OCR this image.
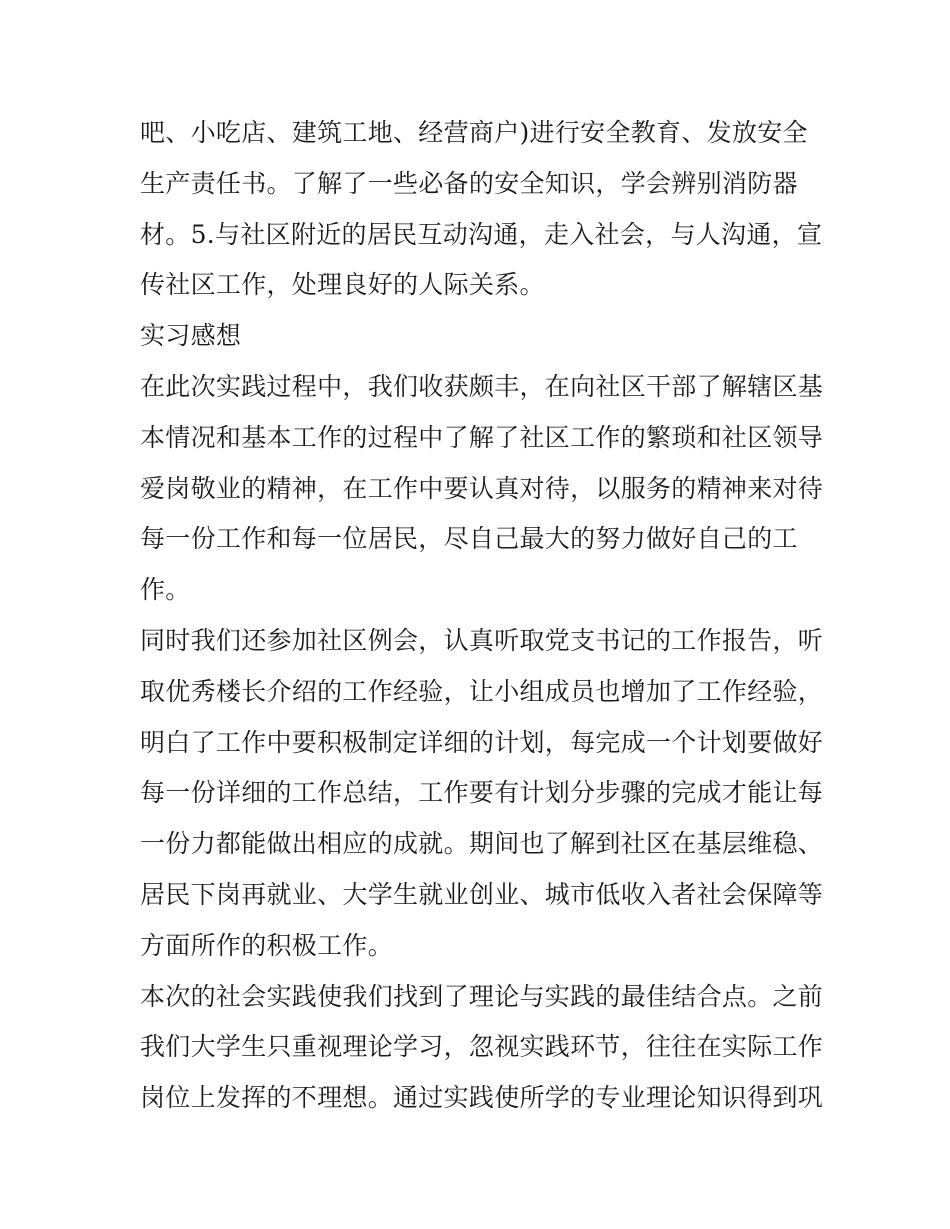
吧、小吃店、建筑工地、经营商户)进行安全教育、发放安全
生产责任书。了解了一些必备的安全知识，学会辨别消防器
材。5.与社区附近的居民互动沟通，走入社会，与人沟通，宣
传社区工作，处理良好的人际关系。
实习感想
在此次实践过程中，我们收获颇丰，在向社区干部了解辖区基
本情况和基本工作的过程中了解了社区工作的繁琐和社区领导
爱岗敬业的精神，在工作中要认真对待，以服务的精神来对待
每一份工作和每一位居民，尽自己最大的努力做好自己的工
作。
同时我们还参加社区例会，认真听取党支书记的工作报告，听
取优秀楼长介绍的工作经验，让小组成员也增加了工作经验，
明白了工作中要积极制定详细的计划，每完成一个计划要做好
每一份详细的工作总结，工作要有计划分步骤的完成才能让每
一份力都能做出相应的成就。期间也了解到社区在基层维稳、
居民下岗再就业、大学生就业创业、城市低收入者社会保障等
方面所作的积极工作。
本次的社会实践使我们找到了理论与实践的最佳结合点。之前
我们大学生只重视理论学习，忽视实践环节，往往在实际工作
岗位上发挥的不理想。通过实践使所学的专业理论知识得到巩
